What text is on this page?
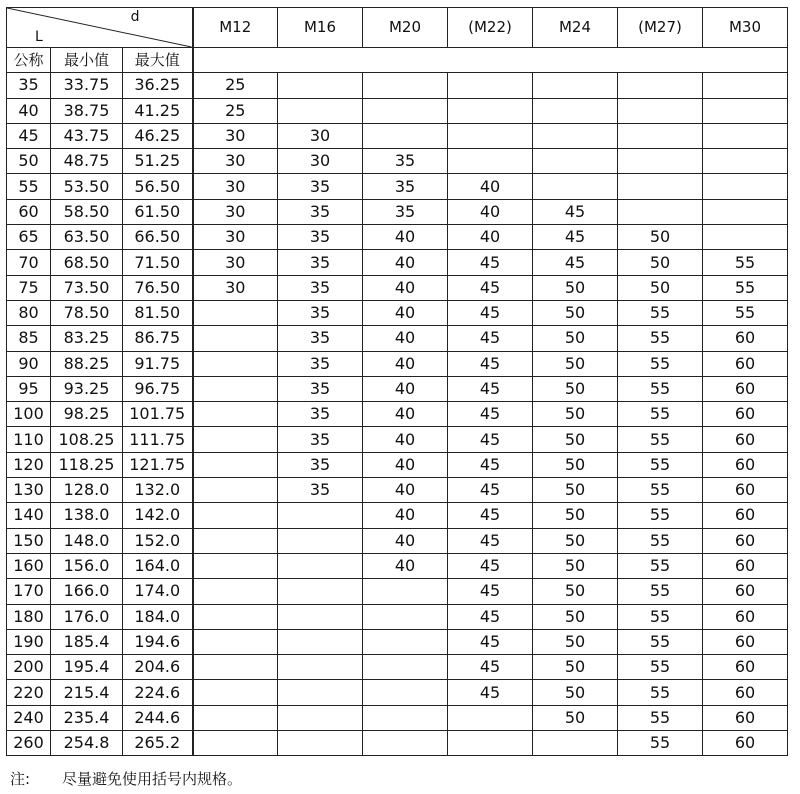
d
L			M12	M16	M20	(M22)	M24	(M27)	M30
公称	最小值	最大值							
35	33.75	36.25	25						
40	38.75	41.25	25						
45	43.75	46.25	30	30					
50	48.75	51.25	30	30	35				
55	53.50	56.50	30	35	35	40			
60	58.50	61.50	30	35	35	40	45		
65	63.50	66.50	30	35	40	40	45	50	
70	68.50	71.50	30	35	40	45	45	50	55
75	73.50	76.50	30	35	40	45	50	50	55
80	78.50	81.50		35	40	45	50	55	55
85	83.25	86.75		35	40	45	50	55	60
90	88.25	91.75		35	40	45	50	55	60
95	93.25	96.75		35	40	45	50	55	60
100	98.25	101.75		35	40	45	50	55	60
110	108.25	111.75		35	40	45	50	55	60
120	118.25	121.75		35	40	45	50	55	60
130	128.0	132.0		35	40	45	50	55	60
140	138.0	142.0			40	45	50	55	60
150	148.0	152.0			40	45	50	55	60
160	156.0	164.0			40	45	50	55	60
170	166.0	174.0				45	50	55	60
180	176.0	184.0				45	50	55	60
190	185.4	194.6				45	50	55	60
200	195.4	204.6				45	50	55	60
220	215.4	224.6				45	50	55	60
240	235.4	244.6					50	55	60
260	254.8	265.2						55	60
注: 尽量避免使用括号内规格。
